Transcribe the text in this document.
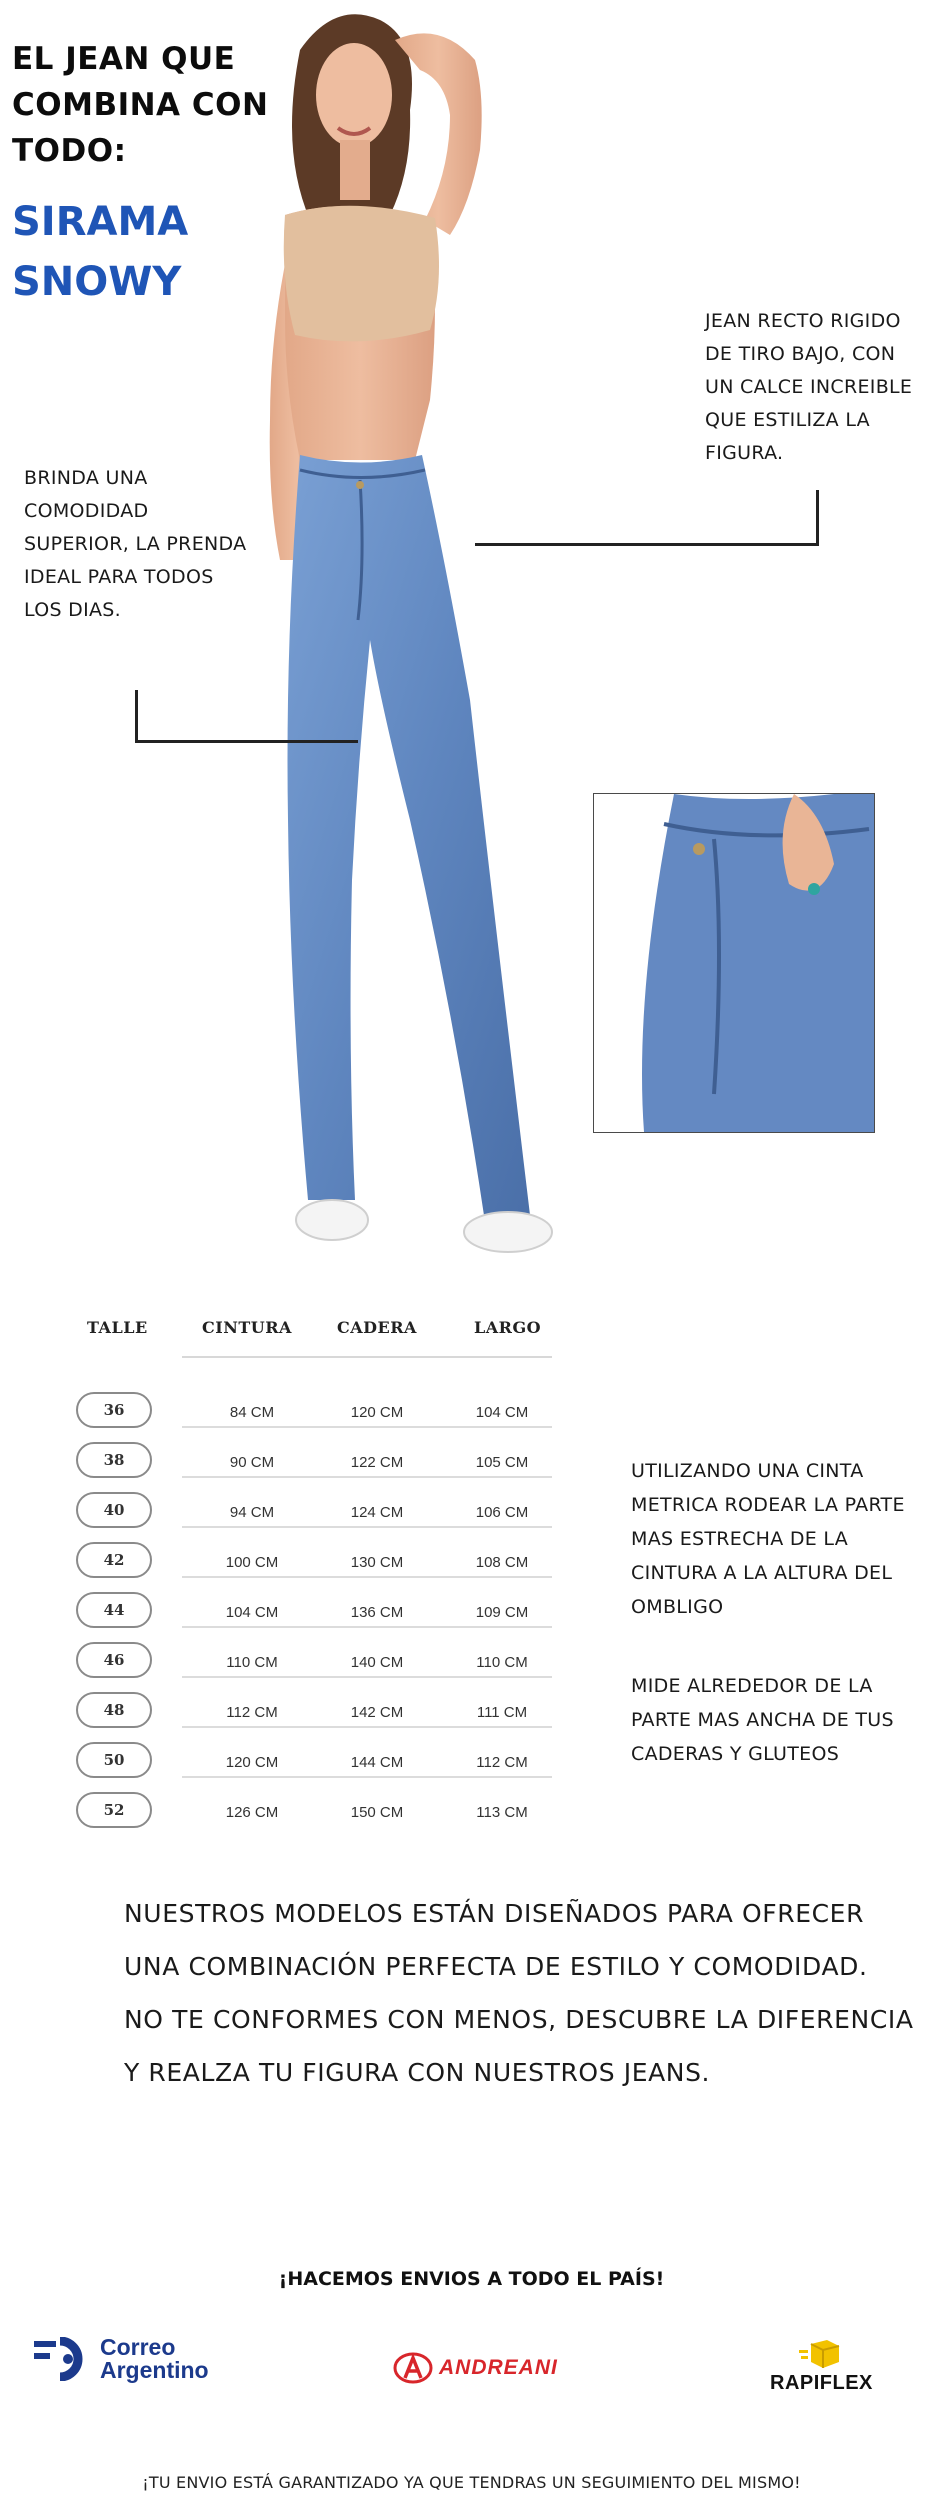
EL JEAN QUE
COMBINA CON
TODO:
SIRAMA
SNOWY
JEAN RECTO RIGIDO
DE TIRO BAJO, CON
UN CALCE INCREIBLE
QUE ESTILIZA LA
FIGURA.
BRINDA UNA
COMODIDAD
SUPERIOR, LA PRENDA
IDEAL PARA TODOS
LOS DIAS.
TALLE	CINTURA	CADERA	LARGO
36	84 CM	120 CM	104 CM
38	90 CM	122 CM	105 CM
40	94 CM	124 CM	106 CM
42	100 CM	130 CM	108 CM
44	104 CM	136 CM	109 CM
46	110 CM	140 CM	110 CM
48	112 CM	142 CM	111 CM
50	120 CM	144 CM	112 CM
52	126 CM	150 CM	113 CM
UTILIZANDO UNA CINTA
METRICA RODEAR LA PARTE
MAS ESTRECHA DE LA
CINTURA A LA ALTURA DEL
OMBLIGO
MIDE ALREDEDOR DE LA
PARTE MAS ANCHA DE TUS
CADERAS Y GLUTEOS
NUESTROS MODELOS ESTÁN DISEÑADOS PARA OFRECER
UNA COMBINACIÓN PERFECTA DE ESTILO Y COMODIDAD.
NO TE CONFORMES CON MENOS, DESCUBRE LA DIFERENCIA
Y REALZA TU FIGURA CON NUESTROS JEANS.
¡HACEMOS ENVIOS A TODO EL PAÍS!
Correo
Argentino	ANDREANI
RAPIFLEX
¡TU ENVIO ESTÁ GARANTIZADO YA QUE TENDRAS UN SEGUIMIENTO DEL MISMO!
